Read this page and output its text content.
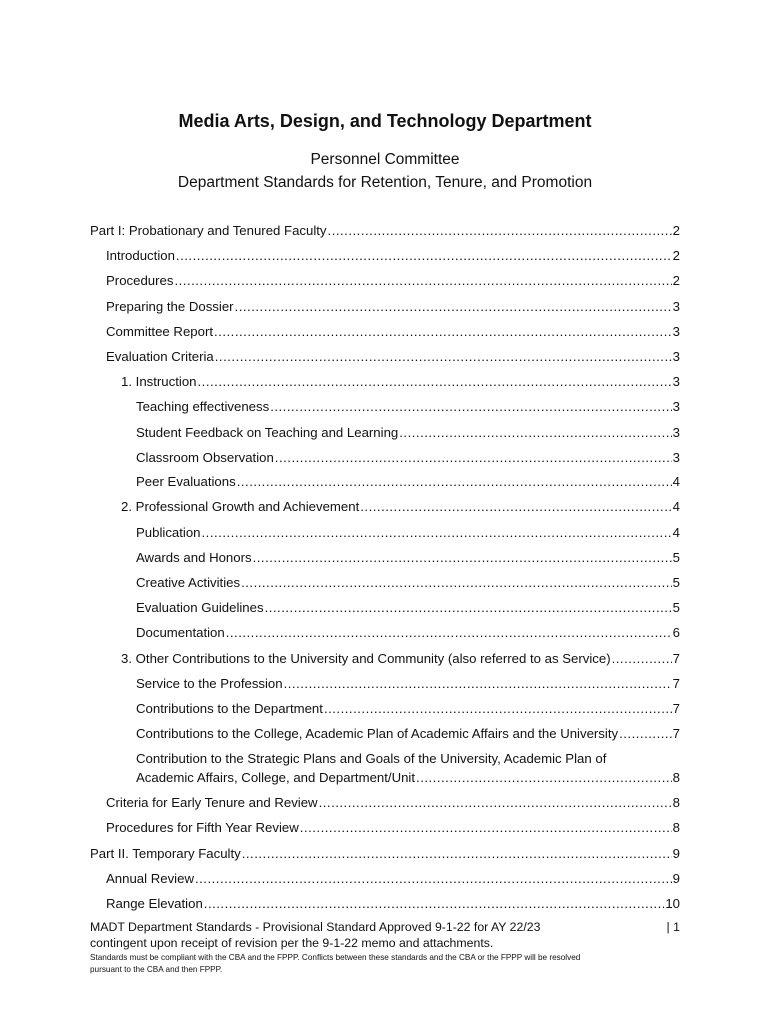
Media Arts, Design, and Technology Department
Personnel Committee
Department Standards for Retention, Tenure, and Promotion
Part I: Probationary and Tenured Faculty .....	2
Introduction .....	2
Procedures .....	2
Preparing the Dossier .....	3
Committee Report .....	3
Evaluation Criteria .....	3
1. Instruction .....	3
Teaching effectiveness .....	3
Student Feedback on Teaching and Learning .....	3
Classroom Observation .....	3
Peer Evaluations .....	4
2. Professional Growth and Achievement .....	4
Publication .....	4
Awards and Honors .....	5
Creative Activities .....	5
Evaluation Guidelines .....	5
Documentation .....	6
3. Other Contributions to the University and Community (also referred to as Service) .....	7
Service to the Profession .....	7
Contributions to the Department .....	7
Contributions to the College, Academic Plan of Academic Affairs and the University .....	7
Contribution to the Strategic Plans and Goals of the University, Academic Plan of
Academic Affairs, College, and Department/Unit .....	8
Criteria for Early Tenure and Review .....	8
Procedures for Fifth Year Review .....	8
Part II. Temporary Faculty .....	9
Annual Review .....	9
Range Elevation .....	10
MADT Department Standards - Provisional Standard Approved 9-1-22 for AY 22/23
contingent upon receipt of revision per the 9-1-22 memo and attachments.
| 1
Standards must be compliant with the CBA and the FPPP. Conflicts between these standards and the CBA or the FPPP will be resolved
pursuant to the CBA and then FPPP.
